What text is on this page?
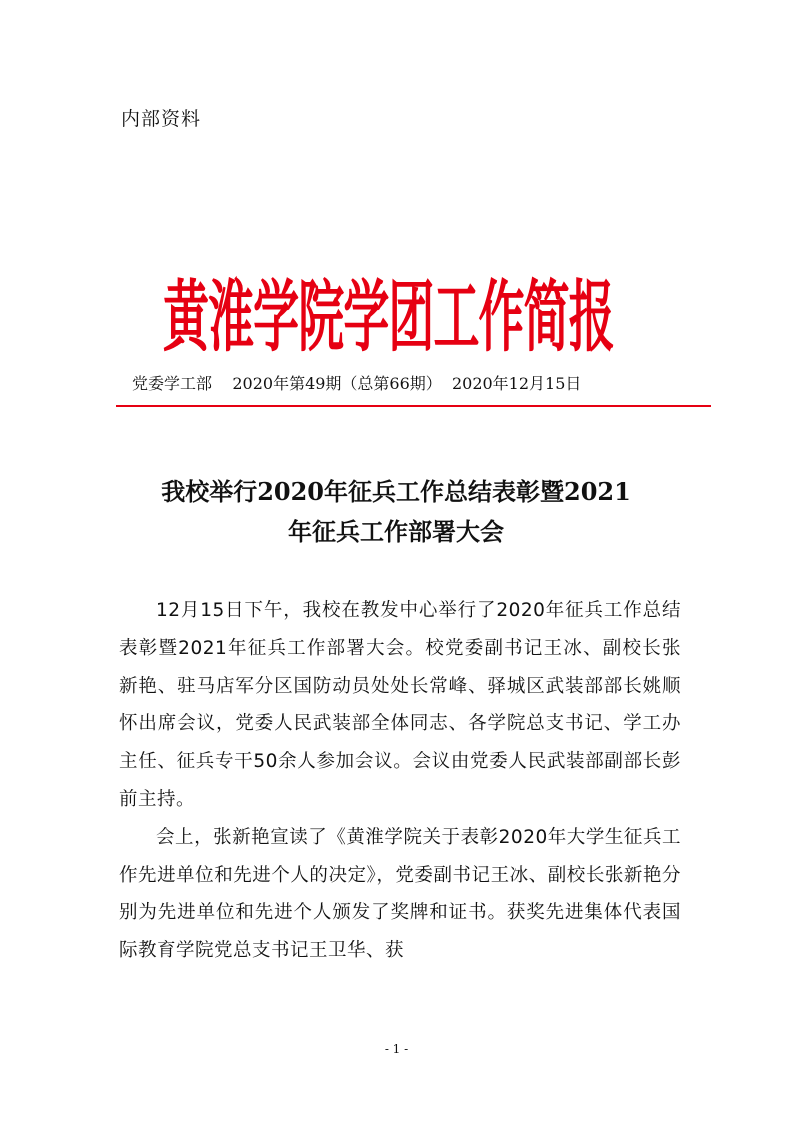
内部资料
黄淮学院学团工作简报
党委学工部    2020年第49期（总第66期）  2020年12月15日
我校举行2020年征兵工作总结表彰暨2021
年征兵工作部署大会

12月15日下午，我校在教发中心举行了2020年征兵工作总结表彰暨2021年征兵工作部署大会。校党委副书记王冰、副校长张新艳、驻马店军分区国防动员处处长常峰、驿城区武装部部长姚顺怀出席会议，党委人民武装部全体同志、各学院总支书记、学工办主任、征兵专干50余人参加会议。会议由党委人民武装部副部长彭前主持。

会上，张新艳宣读了《黄淮学院关于表彰2020年大学生征兵工作先进单位和先进个人的决定》，党委副书记王冰、副校长张新艳分别为先进单位和先进个人颁发了奖牌和证书。获奖先进集体代表国际教育学院党总支书记王卫华、获

- 1 -
